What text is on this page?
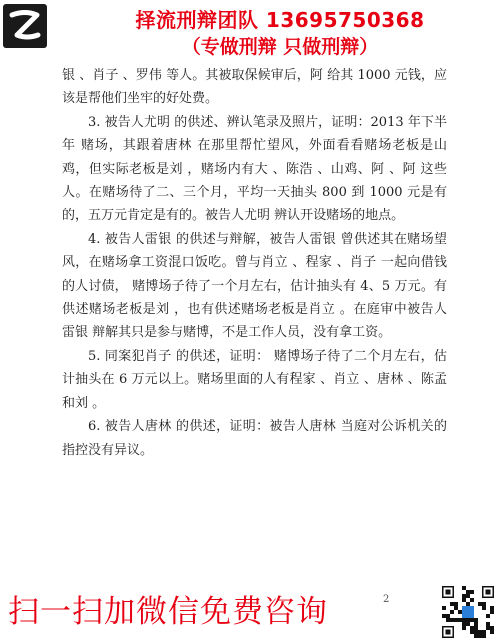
择流刑辩团队 13695750368
（专做刑辩 只做刑辩）

银 、肖子 、罗伟 等人。其被取保候审后，阿 给其 1000 元钱，应该是帮他们坐牢的好处费。

3. 被告人尤明 的供述、辨认笔录及照片，证明：2013 年下半年 赌场，其跟着唐林 在那里帮忙望风，外面看看赌场老板是山鸡，但实际老板是刘 ，赌场内有大 、陈浩 、山鸡、阿 、阿 这些人。在赌场待了二、三个月，平均一天抽头 800 到 1000 元是有的，五万元肯定是有的。被告人尤明 辨认开设赌场的地点。

4. 被告人雷银 的供述与辩解，被告人雷银 曾供述其在赌场望风，在赌场拿工资混口饭吃。曾与肖立 、程家 、肖子 一起向借钱的人讨债， 赌博场子待了一个月左右，估计抽头有 4、5 万元。有供述赌场老板是刘 ，也有供述赌场老板是肖立 。在庭审中被告人雷银 辩解其只是参与赌博，不是工作人员，没有拿工资。

5. 同案犯肖子 的供述，证明： 赌博场子待了二个月左右，估计抽头在 6 万元以上。赌场里面的人有程家 、肖立 、唐林 、陈孟 和刘 。

6. 被告人唐林 的供述，证明：被告人唐林 当庭对公诉机关的指控没有异议。

2
扫一扫加微信免费咨询
